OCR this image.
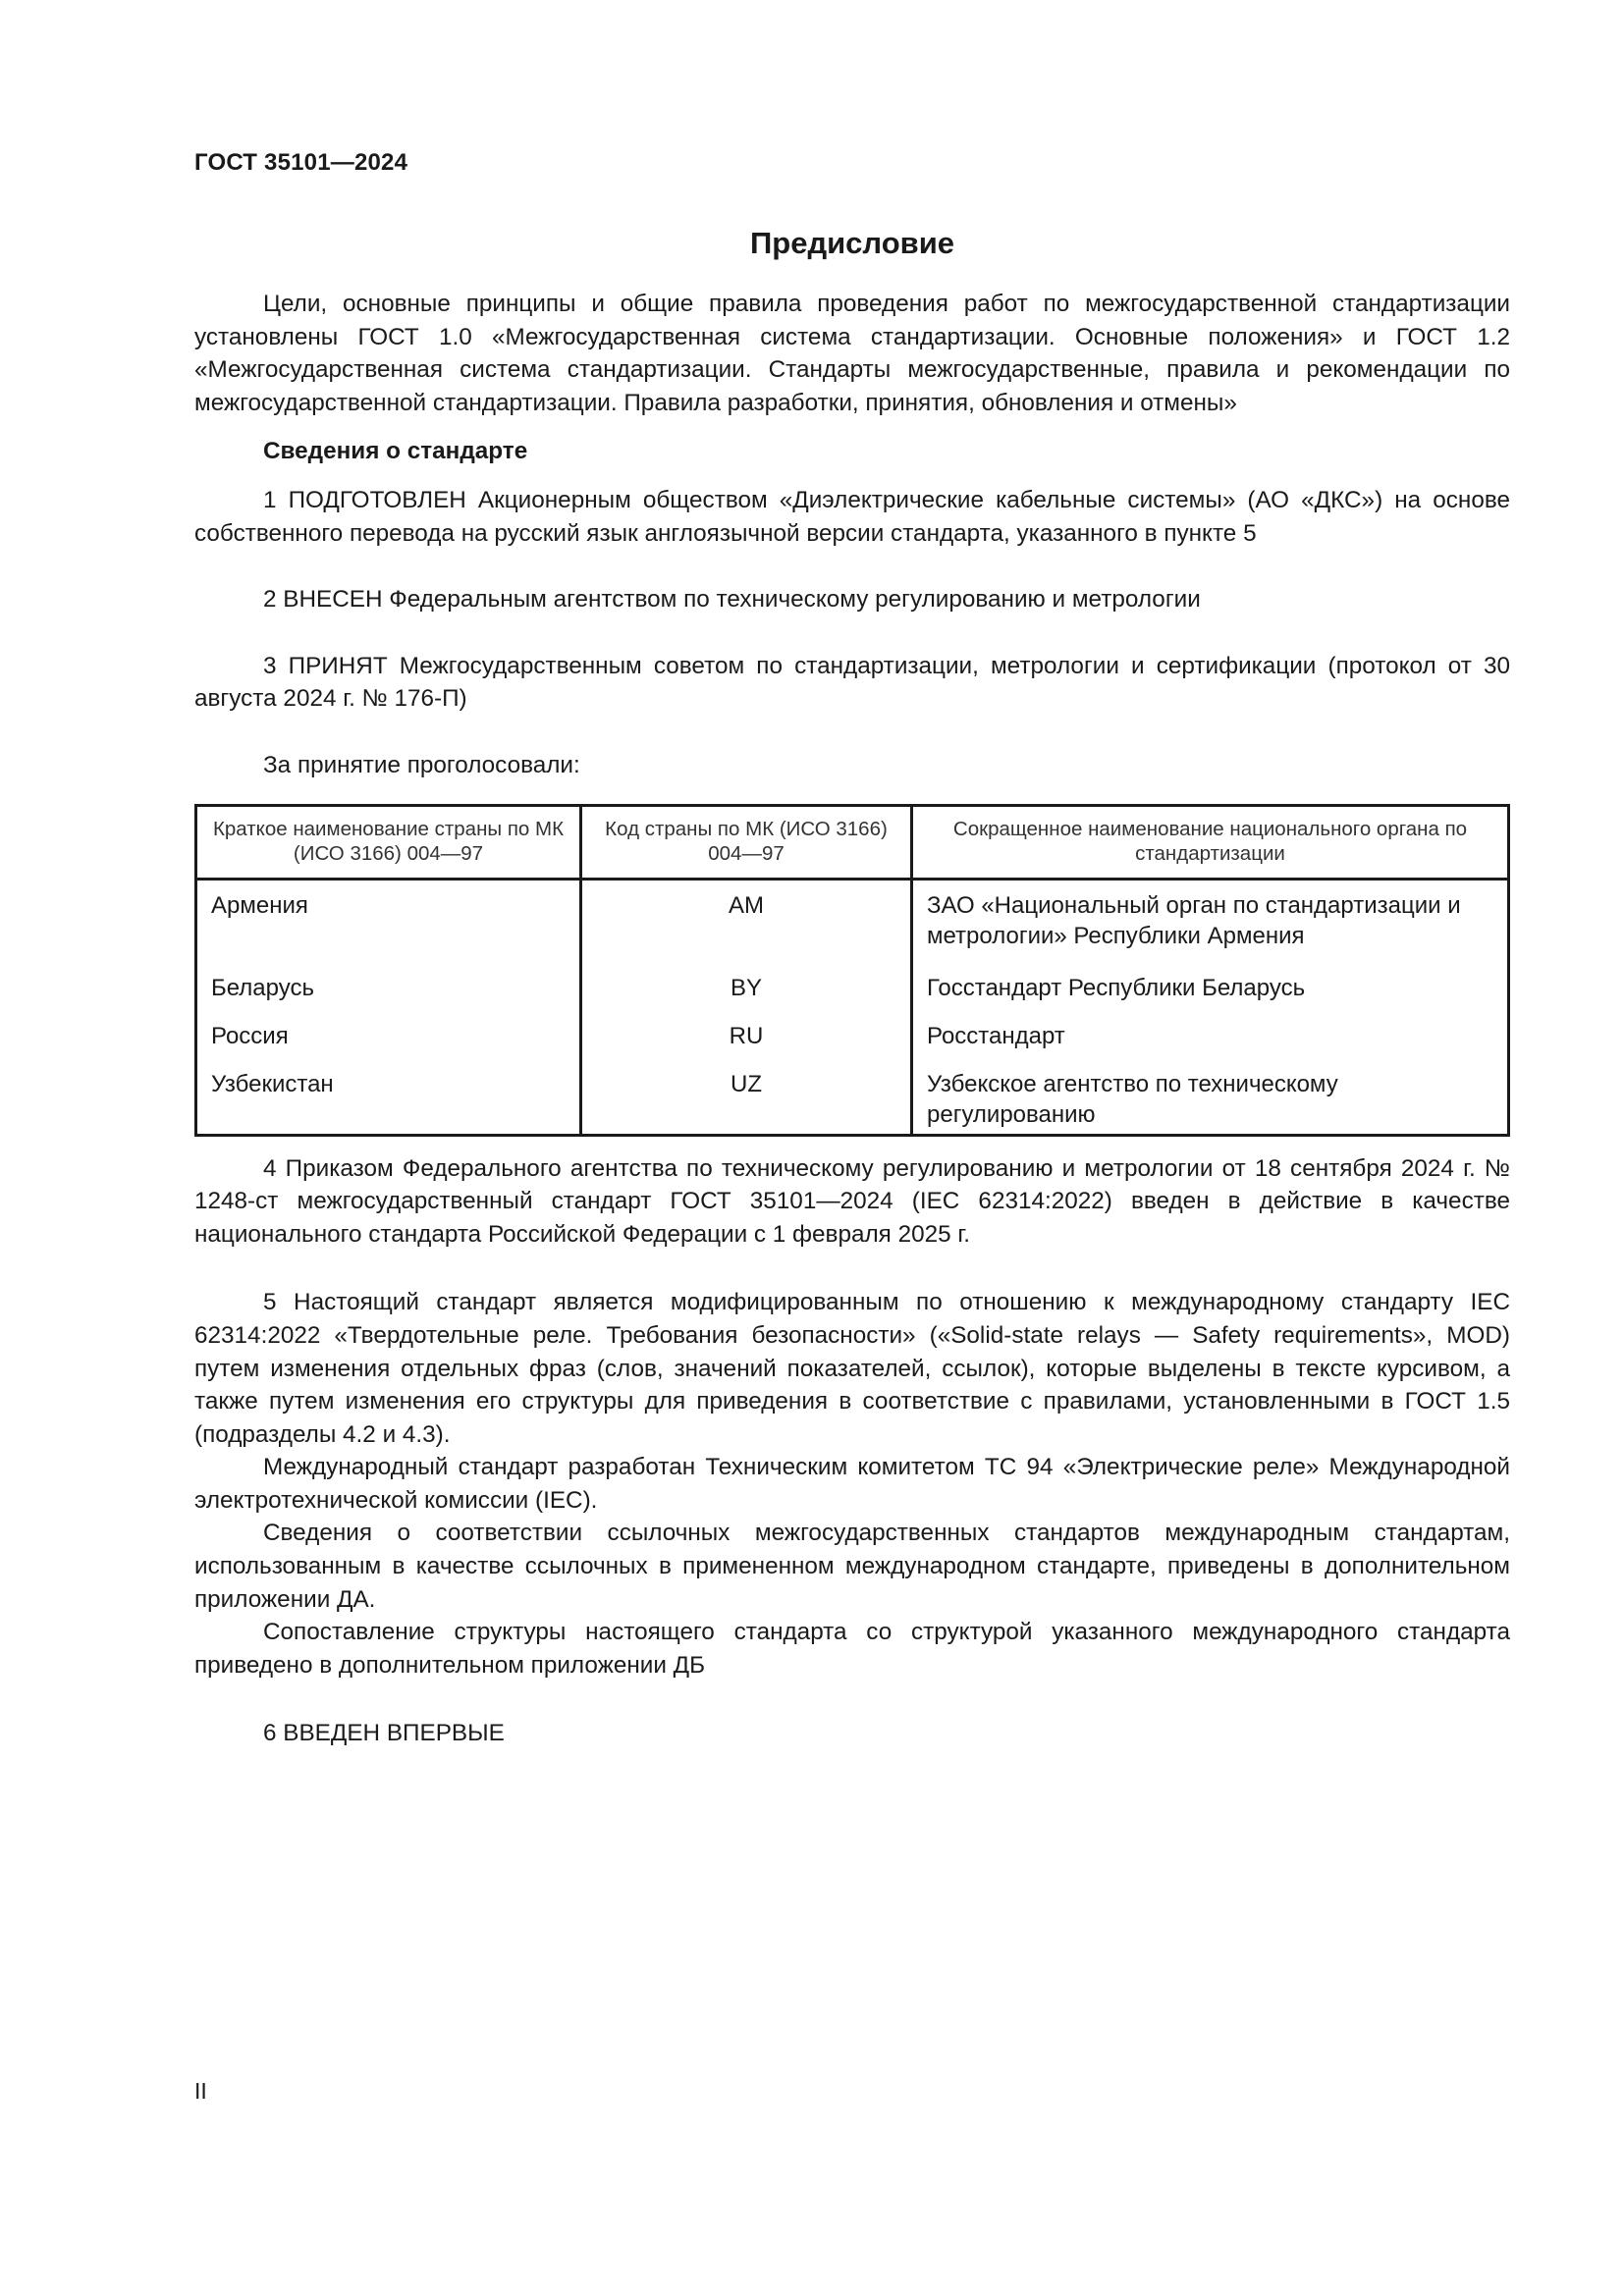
ГОСТ 35101—2024
Предисловие

Цели, основные принципы и общие правила проведения работ по межгосударственной стандартизации установлены ГОСТ 1.0 «Межгосударственная система стандартизации. Основные положения» и ГОСТ 1.2 «Межгосударственная система стандартизации. Стандарты межгосударственные, правила и рекомендации по межгосударственной стандартизации. Правила разработки, принятия, обновления и отмены»

Сведения о стандарте

1 ПОДГОТОВЛЕН Акционерным обществом «Диэлектрические кабельные системы» (АО «ДКС») на основе собственного перевода на русский язык англоязычной версии стандарта, указанного в пункте 5

2 ВНЕСЕН Федеральным агентством по техническому регулированию и метрологии

3 ПРИНЯТ Межгосударственным советом по стандартизации, метрологии и сертификации (протокол от 30 августа 2024 г. № 176-П)

За принятие проголосовали:

Краткое наименование страны по МК (ИСО 3166) 004—97	Код страны по МК (ИСО 3166) 004—97	Сокращенное наименование национального органа по стандартизации
Армения	AM	ЗАО «Национальный орган по стандартизации и метрологии» Республики Армения
Беларусь	BY	Госстандарт Республики Беларусь
Россия	RU	Росстандарт
Узбекистан	UZ	Узбекское агентство по техническому регулированию

4 Приказом Федерального агентства по техническому регулированию и метрологии от 18 сентября 2024 г. № 1248-ст межгосударственный стандарт ГОСТ 35101—2024 (IEC 62314:2022) введен в действие в качестве национального стандарта Российской Федерации с 1 февраля 2025 г.

5 Настоящий стандарт является модифицированным по отношению к международному стандарту IEC 62314:2022 «Твердотельные реле. Требования безопасности» («Solid-state relays — Safety requirements», MOD) путем изменения отдельных фраз (слов, значений показателей, ссылок), которые выделены в тексте курсивом, а также путем изменения его структуры для приведения в соответствие с правилами, установленными в ГОСТ 1.5 (подразделы 4.2 и 4.3).

Международный стандарт разработан Техническим комитетом ТС 94 «Электрические реле» Международной электротехнической комиссии (IEC).

Сведения о соответствии ссылочных межгосударственных стандартов международным стандартам, использованным в качестве ссылочных в примененном международном стандарте, приведены в дополнительном приложении ДА.

Сопоставление структуры настоящего стандарта со структурой указанного международного стандарта приведено в дополнительном приложении ДБ

6 ВВЕДЕН ВПЕРВЫЕ

II
